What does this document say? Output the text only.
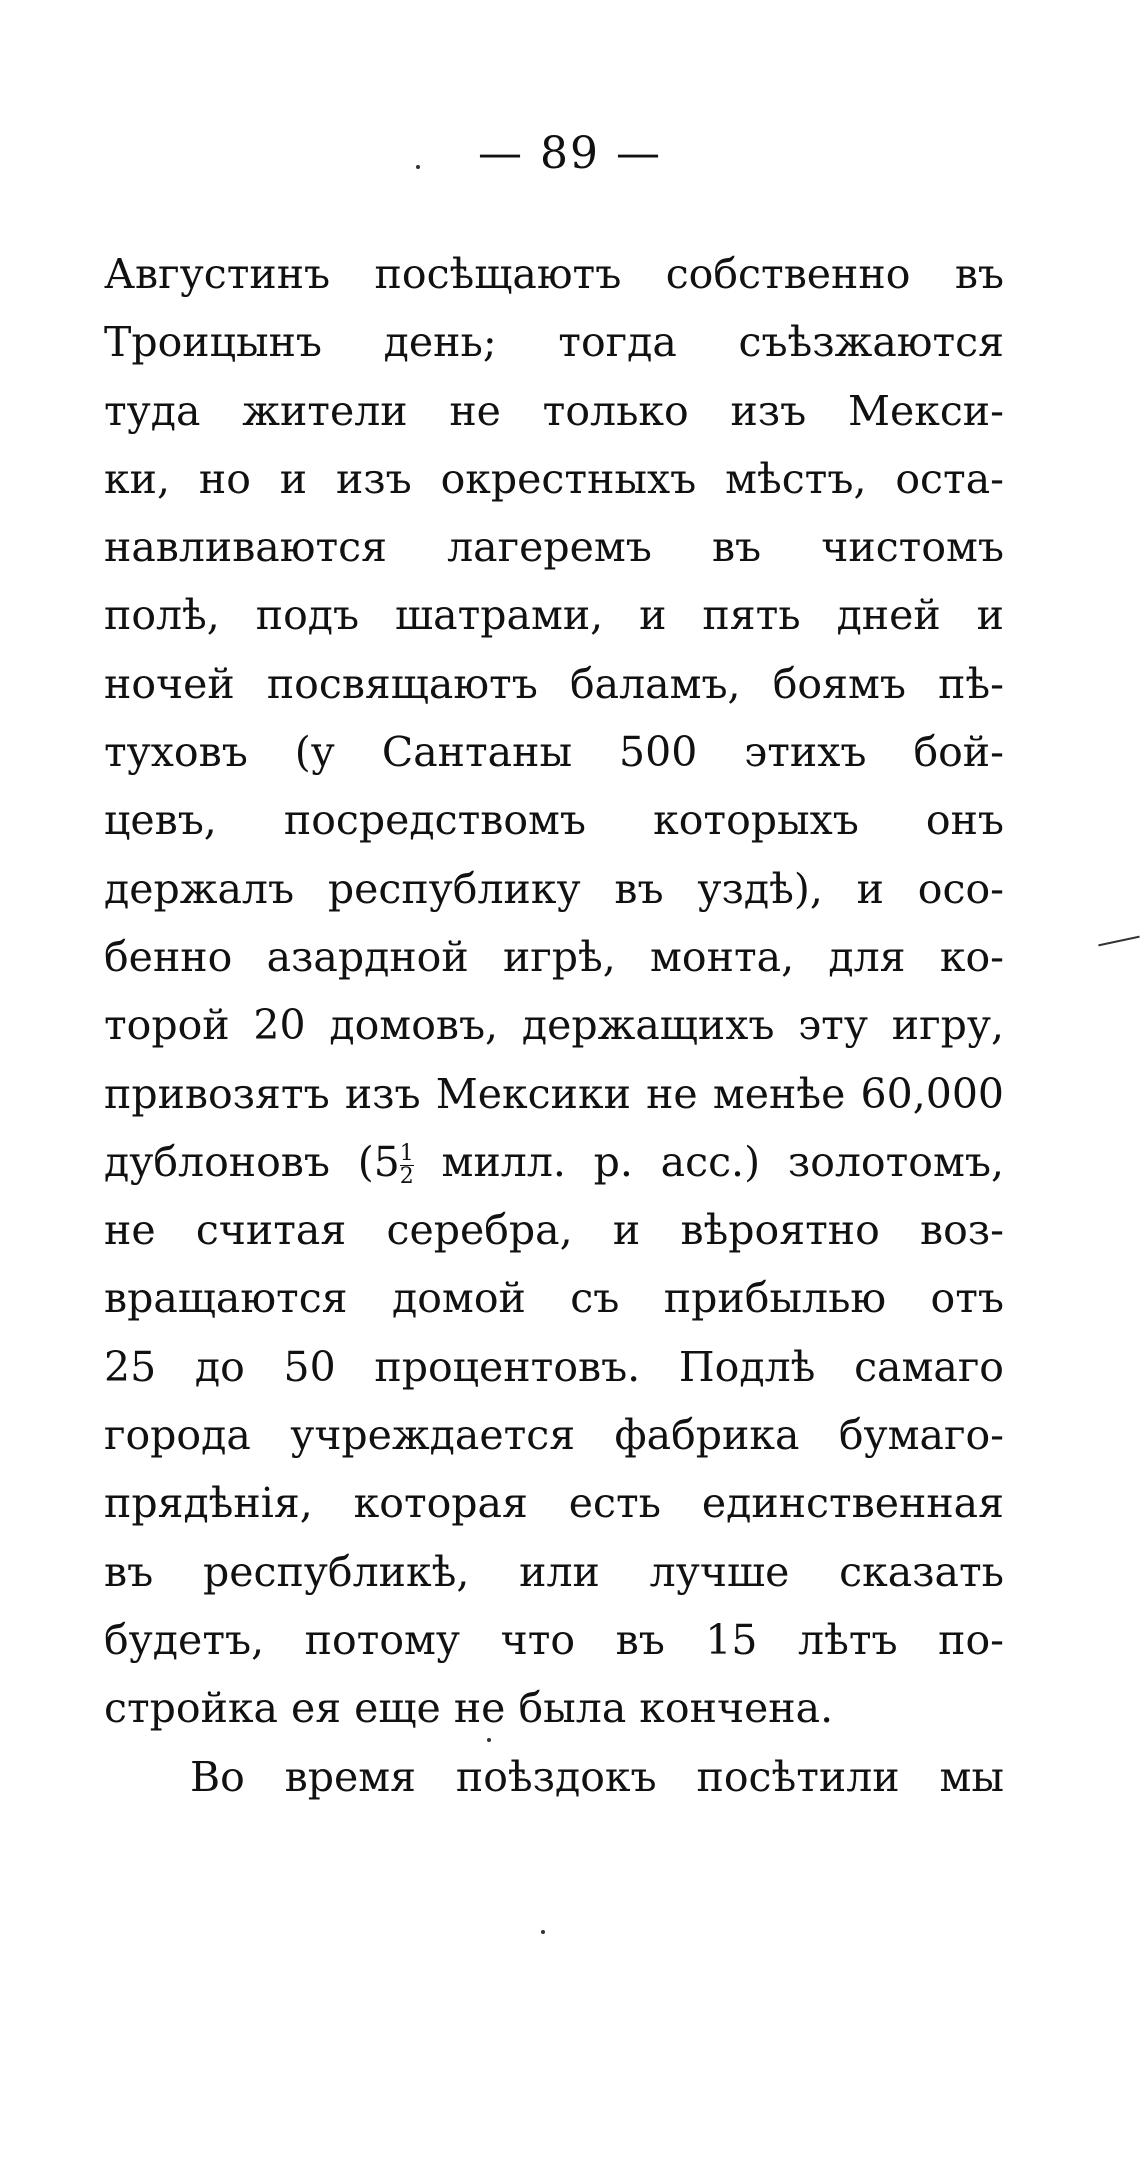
— 89 —
Августинъ посѣщаютъ собственно въ
Троицынъ день; тогда съѣзжаются
туда жители не только изъ Мекси-
ки, но и изъ окрестныхъ мѣстъ, оста-
навливаются лагеремъ въ чистомъ
полѣ, подъ шатрами, и пять дней и
ночей посвящаютъ баламъ, боямъ пѣ-
туховъ (у Сантаны 500 этихъ бой-
цевъ, посредствомъ которыхъ онъ
держалъ республику въ уздѣ), и осо-
бенно азардной игрѣ, монта, для ко-
торой 20 домовъ, держащихъ эту игру,
привозятъ изъ Мексики не менѣе 60,000
дублоновъ ($5 \frac{1}{2}$ милл. р. асс.) золотомъ,
не считая серебра, и вѣроятно воз-
вращаются домой съ прибылью отъ
25 до 50 процентовъ. Подлѣ самаго
города учреждается фабрика бумаго-
прядѣнія, которая есть единственная
въ республикѣ, или лучше сказать
будетъ, потому что въ 15 лѣтъ по-
стройка ея еще не была кончена.
Во время поѣздокъ посѣтили мы
